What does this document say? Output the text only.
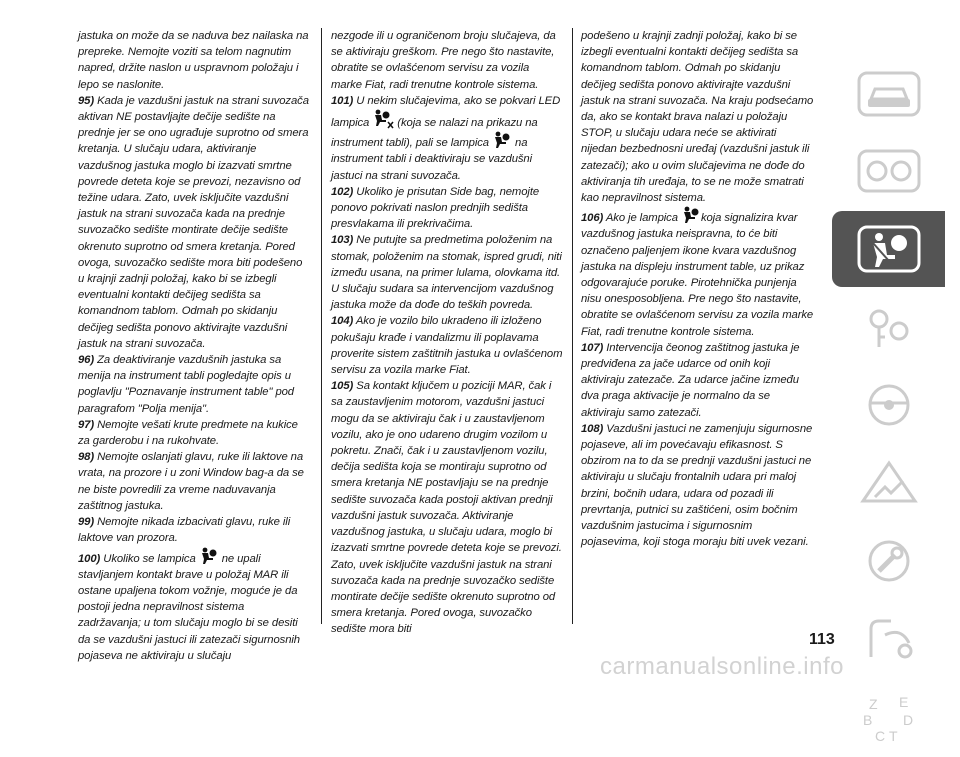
jastuka on može da se naduva bez nailaska na prepreke. Nemojte voziti sa telom nagnutim napred, držite naslon u uspravnom položaju i lepo se naslonite.

95) Kada je vazdušni jastuk na strani suvozača aktivan NE postavljajte dečije sedište na prednje jer se ono ugrađuje suprotno od smera kretanja. U slučaju udara, aktiviranje vazdušnog jastuka moglo bi izazvati smrtne povrede deteta koje se prevozi, nezavisno od težine udara. Zato, uvek isključite vazdušni jastuk na strani suvozača kada na prednje suvozačko sedište montirate dečije sedište okrenuto suprotno od smera kretanja. Pored ovoga, suvozačko sedište mora biti podešeno u krajnji zadnji položaj, kako bi se izbegli eventualni kontakti dečijeg sedišta sa komandnom tablom. Odmah po skidanju dečijeg sedišta ponovo aktivirajte vazdušni jastuk na strani suvozača.

96) Za deaktiviranje vazdušnih jastuka sa menija na instrument tabli pogledajte opis u poglavlju "Poznavanje instrument table" pod paragrafom "Polja menija".

97) Nemojte vešati krute predmete na kukice za garderobu i na rukohvate.

98) Nemojte oslanjati glavu, ruke ili laktove na vrata, na prozore i u zoni Window bag-a da se ne biste povredili za vreme naduvavanja zaštitnog jastuka.

99) Nemojte nikada izbacivati glavu, ruke ili laktove van prozora.

100) Ukoliko se lampica  ne upali stavljanjem kontakt brave u položaj MAR ili ostane upaljena tokom vožnje, moguće je da postoji jedna nepravilnost sistema zadržavanja; u tom slučaju moglo bi se desiti da se vazdušni jastuci ili zatezači sigurnosnih pojaseva ne aktiviraju u slučaju

nezgode ili u ograničenom broju slučajeva, da se aktiviraju greškom. Pre nego što nastavite, obratite se ovlašćenom servisu za vozila marke Fiat, radi trenutne kontrole sistema.

101) U nekim slučajevima, ako se pokvari LED lampica  (koja se nalazi na prikazu na instrument tabli), pali se lampica  na instrument tabli i deaktiviraju se vazdušni jastuci na strani suvozača.

102) Ukoliko je prisutan Side bag, nemojte ponovo pokrivati naslon prednjih sedišta presvlakama ili prekrivačima.

103) Ne putujte sa predmetima položenim na stomak, položenim na stomak, ispred grudi, niti između usana, na primer lulama, olovkama itd. U slučaju sudara sa intervencijom vazdušnog jastuka može da dođe do teških povreda.

104) Ako je vozilo bilo ukradeno ili izloženo pokušaju krađe i vandalizmu ili poplavama proverite sistem zaštitnih jastuka u ovlašćenom servisu za vozila marke Fiat.

105) Sa kontakt ključem u poziciji MAR, čak i sa zaustavljenim motorom, vazdušni jastuci mogu da se aktiviraju čak i u zaustavljenom vozilu, ako je ono udareno drugim vozilom u pokretu. Znači, čak i u zaustavljenom vozilu, dečija sedišta koja se montiraju suprotno od smera kretanja NE postavljaju se na prednje sedište suvozača kada postoji aktivan prednji vazdušni jastuk suvozača. Aktiviranje vazdušnog jastuka, u slučaju udara, moglo bi izazvati smrtne povrede deteta koje se prevozi. Zato, uvek isključite vazdušni jastuk na strani suvozača kada na prednje suvozačko sedište montirate dečije sedište okrenuto suprotno od smera kretanja. Pored ovoga, suvozačko sedište mora biti

podešeno u krajnji zadnji položaj, kako bi se izbegli eventualni kontakti dečijeg sedišta sa komandnom tablom. Odmah po skidanju dečijeg sedišta ponovo aktivirajte vazdušni jastuk na strani suvozača. Na kraju podsećamo da, ako se kontakt brava nalazi u položaju STOP, u slučaju udara neće se aktivirati nijedan bezbednosni uređaj (vazdušni jastuk ili zatezači); ako u ovim slučajevima ne dođe do aktiviranja tih uređaja, to se ne može smatrati kao nepravilnost sistema.

106) Ako je lampica koja signalizira kvar vazdušnog jastuka neispravna, to će biti označeno paljenjem ikone kvara vazdušnog jastuka na displeju instrument table, uz prikaz odgovarajuće poruke. Pirotehnička punjenja nisu onesposobljena. Pre nego što nastavite, obratite se ovlašćenom servisu za vozila marke Fiat, radi trenutne kontrole sistema.

107) Intervencija čeonog zaštitnog jastuka je predviđena za jače udarce od onih koji aktiviraju zatezače. Za udarce jačine između dva praga aktivacije je normalno da se aktiviraju samo zatezači.

108) Vazdušni jastuci ne zamenjuju sigurnosne pojaseve, ali im povećavaju efikasnost. S obzirom na to da se prednji vazdušni jastuci ne aktiviraju u slučaju frontalnih udara pri maloj brzini, bočnih udara, udara od pozadi ili prevrtanja, putnici su zaštićeni, osim bočnim vazdušnim jastucima i sigurnosnim pojasevima, koji stoga moraju biti uvek vezani.

Z E
B D
C T
113
carmanualsonline.info
